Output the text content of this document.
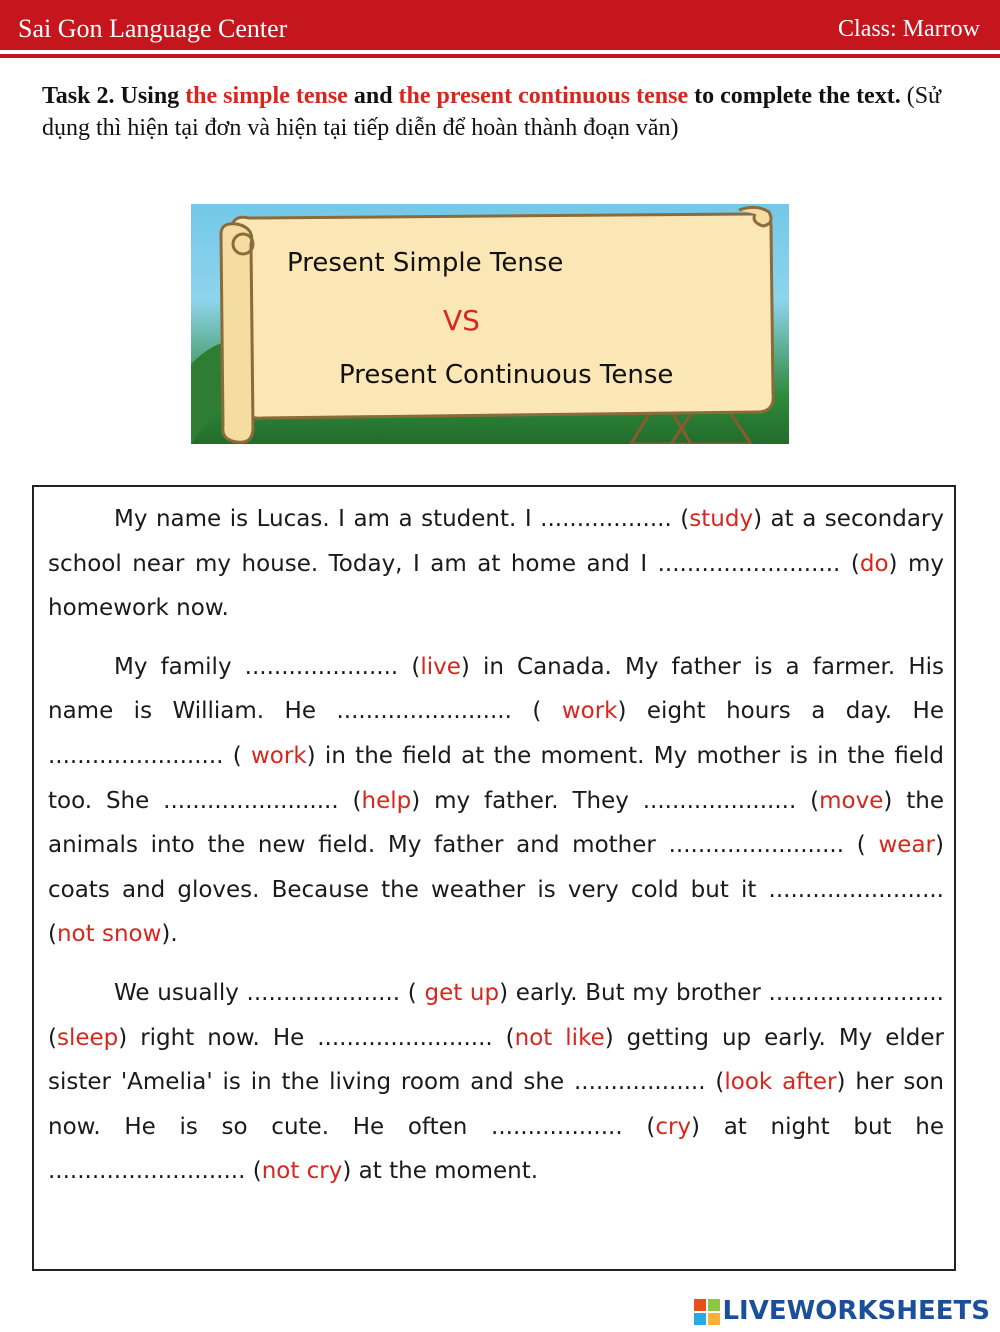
Sai Gon Language Center	Class: Marrow
Task 2. Using the simple tense and the present continuous tense to complete the text. (Sử dụng thì hiện tại đơn và hiện tại tiếp diễn để hoàn thành đoạn văn)
Present Simple Tense
VS
Present Continuous Tense

My name is Lucas. I am a student. I .................. (study) at a secondary school near my house. Today, I am at home and I ......................... (do) my homework now.

My family ..................... (live) in Canada. My father is a farmer. His name is William. He ........................ ( work) eight hours a day. He ........................ ( work) in the field at the moment. My mother is in the field too. She ........................ (help) my father. They ..................... (move) the animals into the new field. My father and mother ........................ ( wear) coats and gloves. Because the weather is very cold but it ........................ (not snow).

We usually ..................... ( get up) early. But my brother ........................ (sleep) right now. He ........................ (not like) getting up early. My elder sister 'Amelia' is in the living room and she .................. (look after) her son now. He is so cute. He often .................. (cry) at night but he ........................... (not cry) at the moment.

LIVEWORKSHEETS
